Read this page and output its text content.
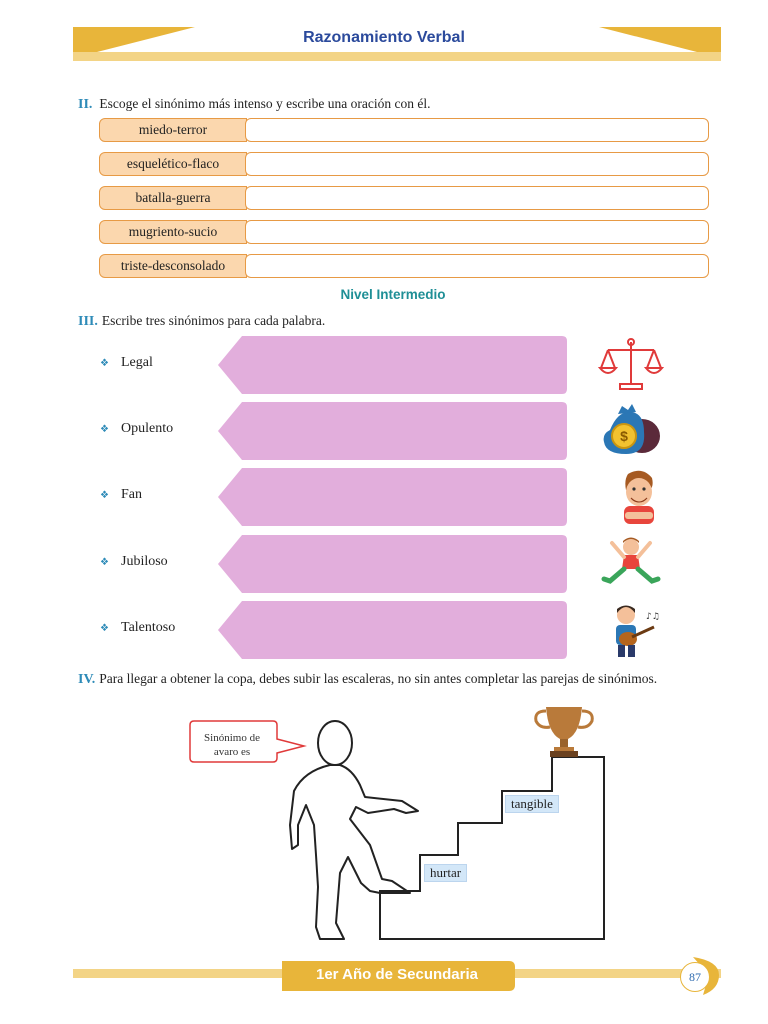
Razonamiento Verbal
II. Escoge el sinónimo más intenso y escribe una oración con él.
miedo-terror
esquelético-flaco
batalla-guerra
mugriento-sucio
triste-desconsolado
Nivel Intermedio
III. Escribe tres sinónimos para cada palabra.
❖ Legal
❖ Opulento	$
❖ Fan
❖ Jubiloso
❖ Talentoso
♪♫
IV. Para llegar a obtener la copa, debes subir las escaleras, no sin antes completar las parejas de sinónimos.
Sinónimo de
avaro es
hurtar
tangible
1er Año de Secundaria	87
